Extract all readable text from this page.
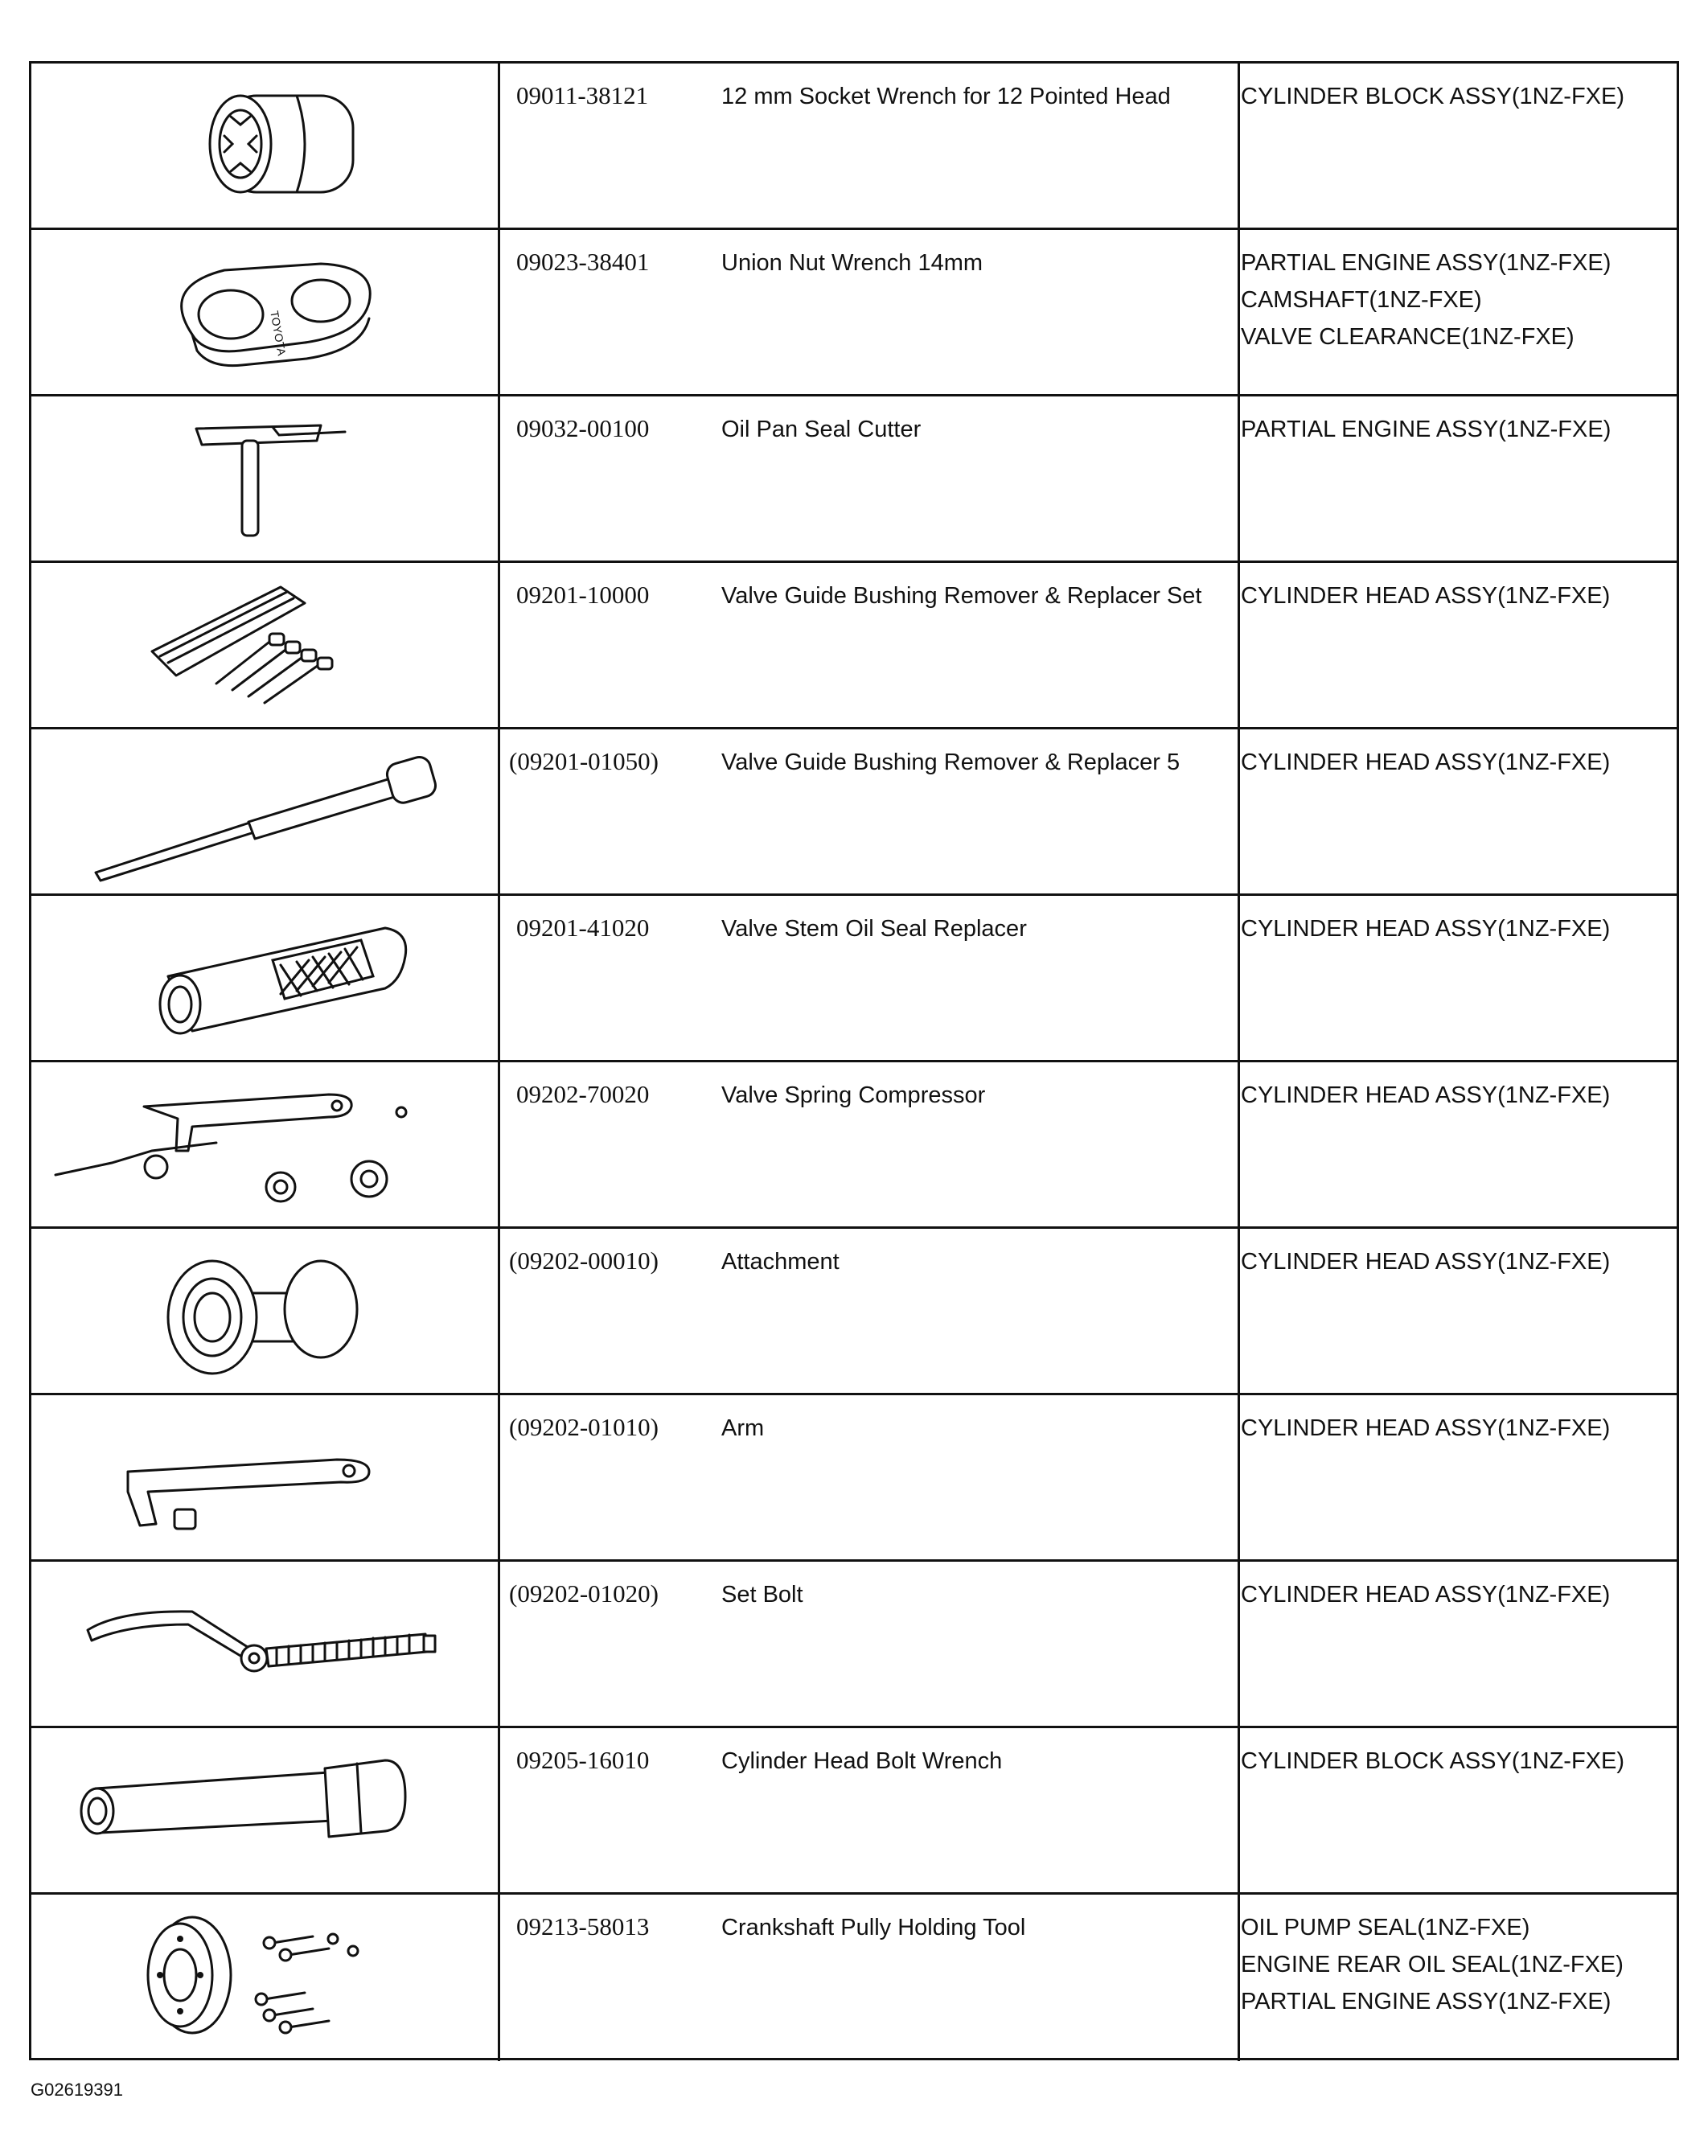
09011-38121	12 mm Socket Wrench for 12 Pointed Head	CYLINDER BLOCK ASSY(1NZ-FXE)
TOYOTA
09023-38401	Union Nut Wrench 14mm	PARTIAL ENGINE ASSY(1NZ-FXE)
CAMSHAFT(1NZ-FXE)
VALVE CLEARANCE(1NZ-FXE)
09032-00100	Oil Pan Seal Cutter	PARTIAL ENGINE ASSY(1NZ-FXE)
09201-10000	Valve Guide Bushing Remover & Replacer Set	CYLINDER HEAD ASSY(1NZ-FXE)
(09201-01050)	Valve Guide Bushing Remover & Replacer 5	CYLINDER HEAD ASSY(1NZ-FXE)
09201-41020	Valve Stem Oil Seal Replacer	CYLINDER HEAD ASSY(1NZ-FXE)
09202-70020	Valve Spring Compressor	CYLINDER HEAD ASSY(1NZ-FXE)
(09202-00010)	Attachment	CYLINDER HEAD ASSY(1NZ-FXE)
(09202-01010)	Arm	CYLINDER HEAD ASSY(1NZ-FXE)
(09202-01020)	Set Bolt	CYLINDER HEAD ASSY(1NZ-FXE)
09205-16010	Cylinder Head Bolt Wrench	CYLINDER BLOCK ASSY(1NZ-FXE)
09213-58013	Crankshaft Pully Holding Tool	OIL PUMP SEAL(1NZ-FXE)
ENGINE REAR OIL SEAL(1NZ-FXE)
PARTIAL ENGINE ASSY(1NZ-FXE)
G02619391
